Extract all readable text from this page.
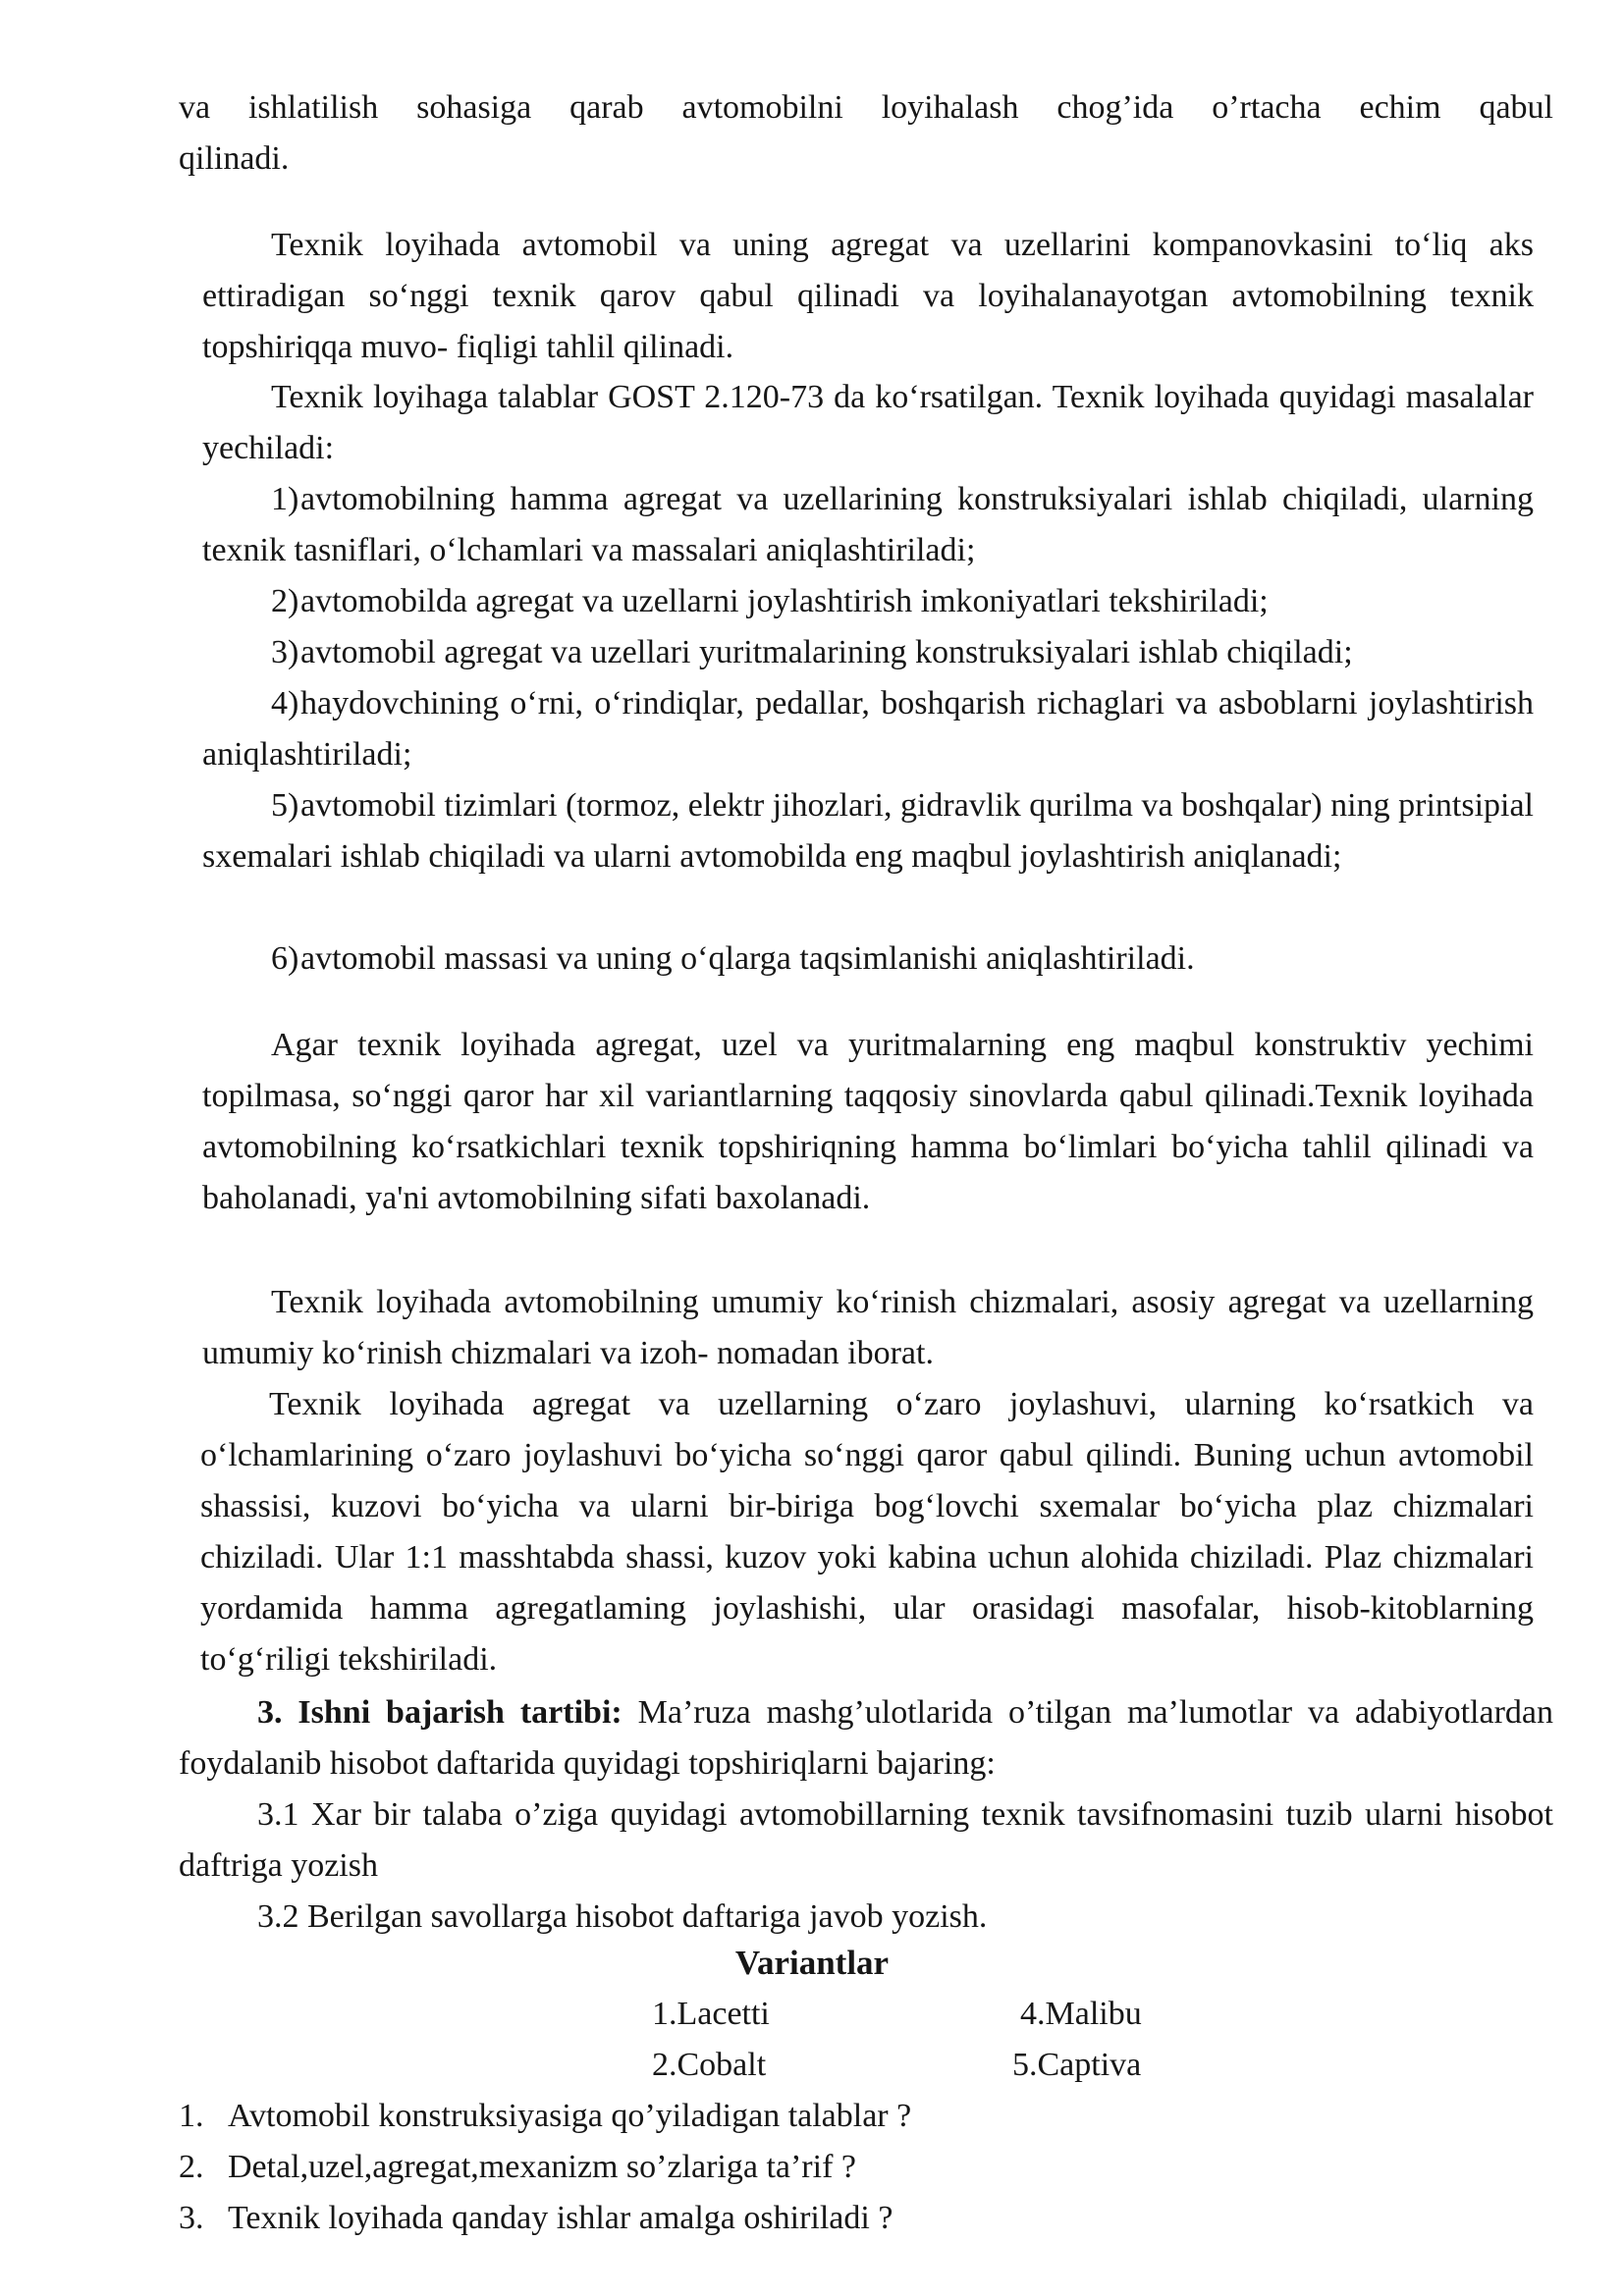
va ishlatilish sohasiga qarab avtomobilni loyihalash chog’ida o’rtacha echim qabul
qilinadi.

Texnik loyihada avtomobil va uning agregat va uzellarini kompanovkasini to‘liq aks ettiradigan so‘nggi texnik qarov qabul qilinadi va loyihalanayotgan avtomobilning texnik topshiriqqa muvo- fiqligi tahlil qilinadi.

Texnik loyihaga talablar GOST 2.120-73 da ko‘rsatilgan. Texnik loyihada quyidagi masalalar yechiladi:

1)avtomobilning hamma agregat va uzellarining konstruksiyalari ishlab chiqiladi, ularning texnik tasniflari, o‘lchamlari va massalari aniqlashtiriladi;
2)avtomobilda agregat va uzellarni joylashtirish imkoniyatlari tekshiriladi;
3)avtomobil agregat va uzellari yuritmalarining konstruksiyalari ishlab chiqiladi;
4)haydovchining o‘rni, o‘rindiqlar, pedallar, boshqarish richaglari va asboblarni joylashtirish aniqlashtiriladi;
5)avtomobil tizimlari (tormoz, elektr jihozlari, gidravlik qurilma va boshqalar) ning printsipial sxemalari ishlab chiqiladi va ularni avtomobilda eng maqbul joylashtirish aniqlanadi;
6)avtomobil massasi va uning o‘qlarga taqsimlanishi aniqlashtiriladi.

Agar texnik loyihada agregat, uzel va yuritmalarning eng maqbul konstruktiv yechimi topilmasa, so‘nggi qaror har xil variantlarning taqqosiy sinovlarda qabul qilinadi.Texnik loyihada avtomobilning ko‘rsatkichlari texnik topshiriqning hamma bo‘limlari bo‘yicha tahlil qilinadi va baholanadi, ya'ni avtomobilning sifati baxolanadi.

Texnik loyihada avtomobilning umumiy ko‘rinish chizmalari, asosiy agregat va uzellarning umumiy ko‘rinish chizmalari va izoh- nomadan iborat.

Texnik loyihada agregat va uzellarning o‘zaro joylashuvi, ularning ko‘rsatkich va o‘lchamlarining o‘zaro joylashuvi bo‘yicha so‘nggi qaror qabul qilindi. Buning uchun avtomobil shassisi, kuzovi bo‘yicha va ularni bir-biriga bog‘lovchi sxemalar bo‘yicha plaz chizmalari chiziladi. Ular 1:1 masshtabda shassi, kuzov yoki kabina uchun alohida chiziladi. Plaz chizmalari yordamida hamma agregatlaming joylashishi, ular orasidagi masofalar, hisob-kitoblarning to‘g‘riligi tekshiriladi.

3. Ishni bajarish tartibi: Ma’ruza mashg’ulotlarida o’tilgan ma’lumotlar va adabiyotlardan foydalanib hisobot daftarida quyidagi topshiriqlarni bajaring:

3.1 Xar bir talaba o’ziga quyidagi avtomobillarning texnik tavsifnomasini tuzib ularni hisobot daftriga yozish

3.2 Berilgan savollarga hisobot daftariga javob yozish.

Variantlar
1.Lacetti	4.Malibu
2.Cobalt	5.Captiva
1. Avtomobil konstruksiyasiga qo’yiladigan talablar ?
2. Detal,uzel,agregat,mexanizm so’zlariga ta’rif ?
3. Texnik loyihada qanday ishlar amalga oshiriladi ?
